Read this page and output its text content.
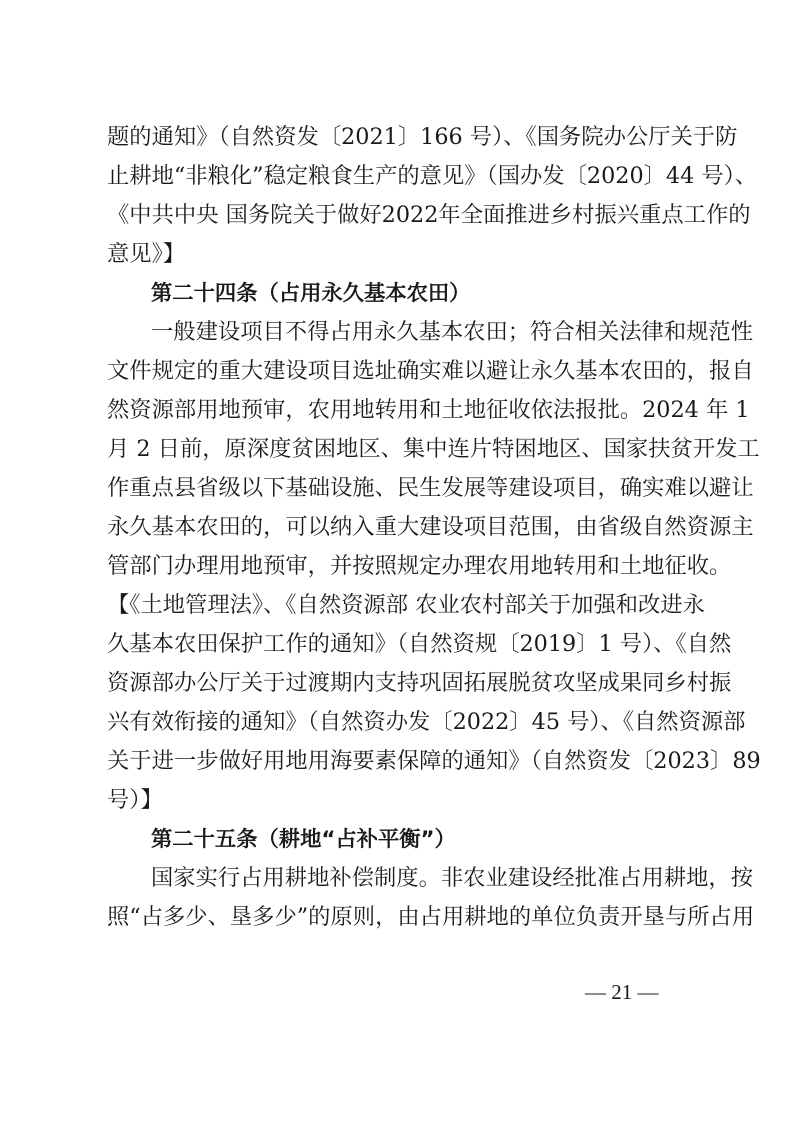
题的通知》（自然资发〔2021〕166 号）、《国务院办公厅关于防
止耕地“非粮化”稳定粮食生产的意见》（国办发〔2020〕44 号）、
《中共中央 国务院关于做好2022年全面推进乡村振兴重点工作的
意见》】
第二十四条（占用永久基本农田）
一般建设项目不得占用永久基本农田；符合相关法律和规范性
文件规定的重大建设项目选址确实难以避让永久基本农田的，报自
然资源部用地预审，农用地转用和土地征收依法报批。2024 年 1
月 2 日前，原深度贫困地区、集中连片特困地区、国家扶贫开发工
作重点县省级以下基础设施、民生发展等建设项目，确实难以避让
永久基本农田的，可以纳入重大建设项目范围，由省级自然资源主
管部门办理用地预审，并按照规定办理农用地转用和土地征收。
【《土地管理法》、《自然资源部 农业农村部关于加强和改进永
久基本农田保护工作的通知》（自然资规〔2019〕1 号）、《自然
资源部办公厅关于过渡期内支持巩固拓展脱贫攻坚成果同乡村振
兴有效衔接的通知》（自然资办发〔2022〕45 号）、《自然资源部
关于进一步做好用地用海要素保障的通知》（自然资发〔2023〕89
号）】
第二十五条（耕地“占补平衡”）
国家实行占用耕地补偿制度。非农业建设经批准占用耕地，按
照“占多少、垦多少”的原则，由占用耕地的单位负责开垦与所占用
— 21 —
